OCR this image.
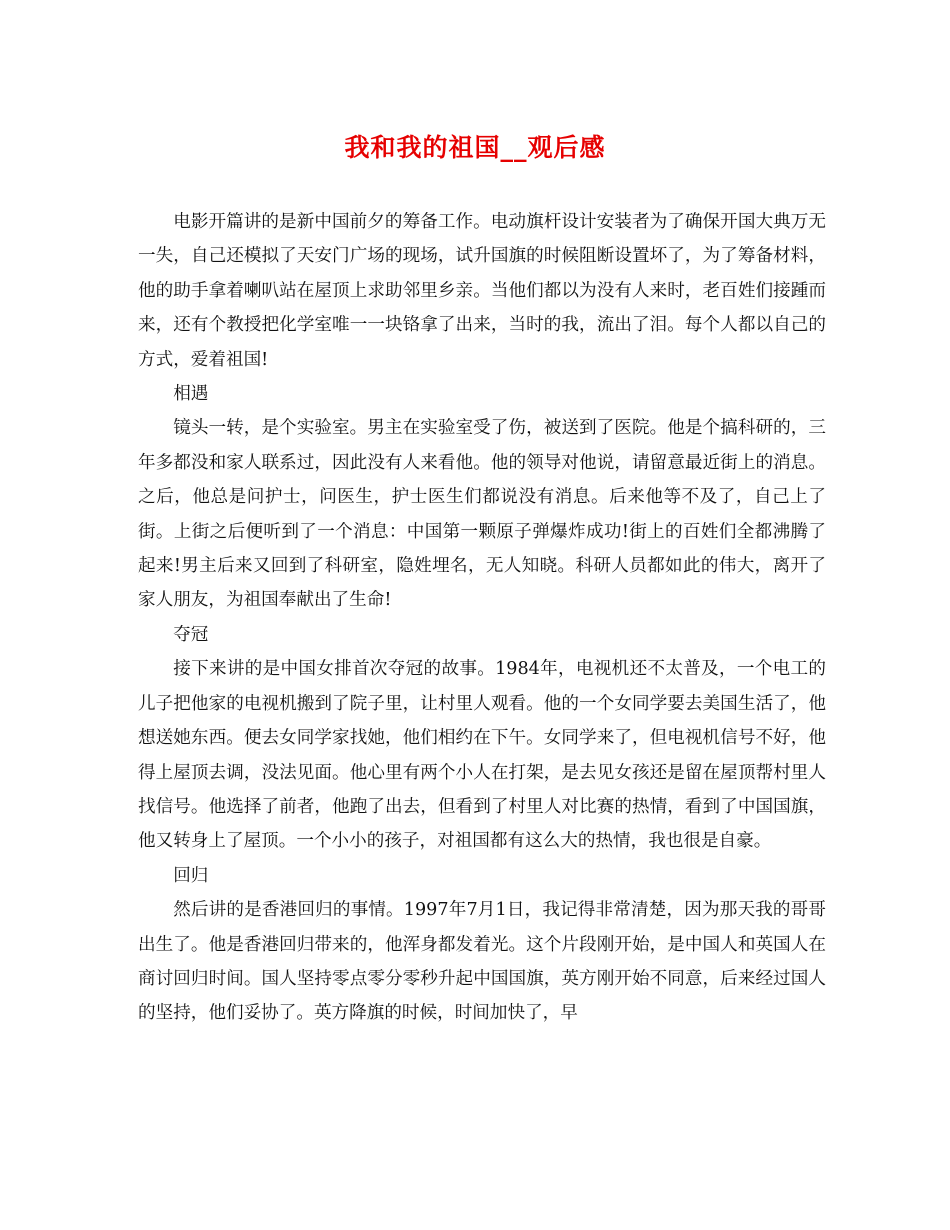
我和我的祖国__观后感

电影开篇讲的是新中国前夕的筹备工作。电动旗杆设计安装者为了确保开国大典万无一失，自己还模拟了天安门广场的现场，试升国旗的时候阻断设置坏了，为了筹备材料，他的助手拿着喇叭站在屋顶上求助邻里乡亲。当他们都以为没有人来时，老百姓们接踵而来，还有个教授把化学室唯一一块铬拿了出来，当时的我，流出了泪。每个人都以自己的方式，爱着祖国!

相遇

镜头一转，是个实验室。男主在实验室受了伤，被送到了医院。他是个搞科研的，三年多都没和家人联系过，因此没有人来看他。他的领导对他说，请留意最近街上的消息。之后，他总是问护士，问医生，护士医生们都说没有消息。后来他等不及了，自己上了街。上街之后便听到了一个消息：中国第一颗原子弹爆炸成功!街上的百姓们全都沸腾了起来!男主后来又回到了科研室，隐姓埋名，无人知晓。科研人员都如此的伟大，离开了家人朋友，为祖国奉献出了生命!

夺冠

接下来讲的是中国女排首次夺冠的故事。1984年，电视机还不太普及，一个电工的儿子把他家的电视机搬到了院子里，让村里人观看。他的一个女同学要去美国生活了，他想送她东西。便去女同学家找她，他们相约在下午。女同学来了，但电视机信号不好，他得上屋顶去调，没法见面。他心里有两个小人在打架，是去见女孩还是留在屋顶帮村里人找信号。他选择了前者，他跑了出去，但看到了村里人对比赛的热情，看到了中国国旗，他又转身上了屋顶。一个小小的孩子，对祖国都有这么大的热情，我也很是自豪。

回归

然后讲的是香港回归的事情。1997年7月1日，我记得非常清楚，因为那天我的哥哥出生了。他是香港回归带来的，他浑身都发着光。这个片段刚开始，是中国人和英国人在商讨回归时间。国人坚持零点零分零秒升起中国国旗，英方刚开始不同意，后来经过国人的坚持，他们妥协了。英方降旗的时候，时间加快了，早
